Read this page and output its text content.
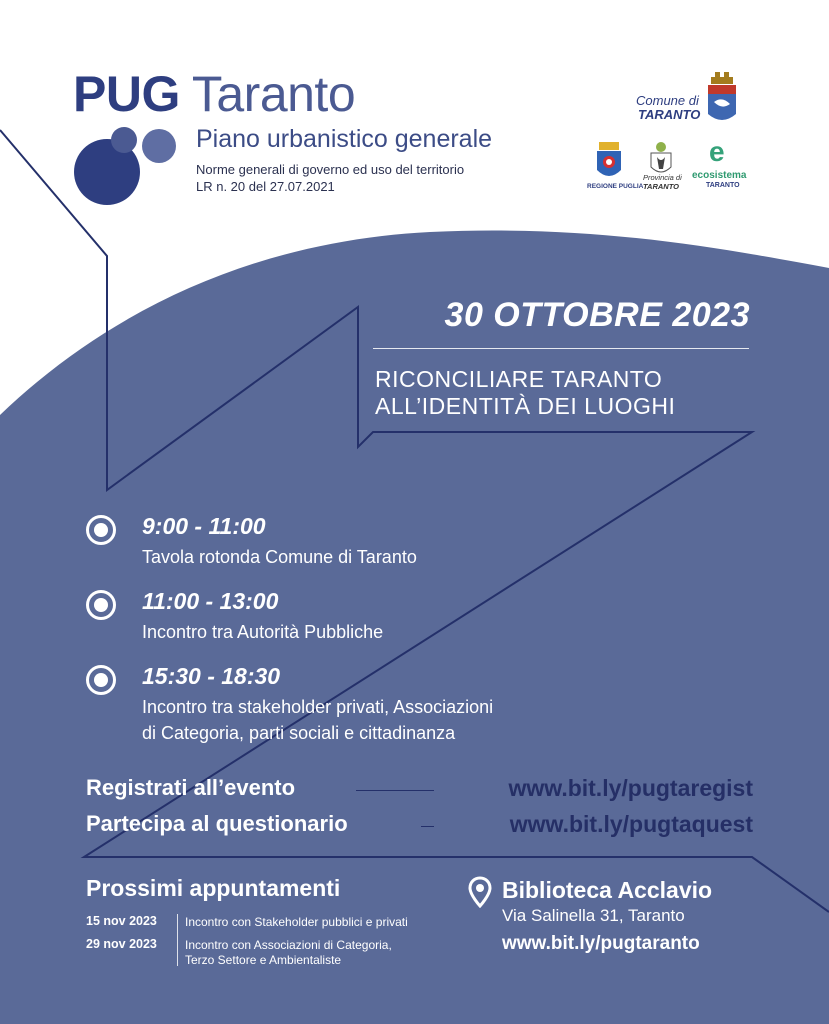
PUG Taranto
Piano urbanistico generale
Norme generali di governo ed uso del territorio
LR n. 20 del 27.07.2021
Comune di
TARANTO
REGIONE PUGLIA
Provincia di
TARANTO
e
ecosistema
TARANTO
30 OTTOBRE 2023
RICONCILIARE TARANTO
ALL’IDENTITÀ DEI LUOGHI
9:00 - 11:00
Tavola rotonda Comune di Taranto
11:00 - 13:00
Incontro tra Autorità Pubbliche
15:30 - 18:30
Incontro tra stakeholder privati, Associazioni
di Categoria, parti sociali e cittadinanza
Registrati all’evento	www.bit.ly/pugtaregist
Partecipa al questionario	www.bit.ly/pugtaquest
Prossimi appuntamenti
15 nov 2023 Incontro con Stakeholder pubblici e privati
29 nov 2023 Incontro con Associazioni di Categoria,
Terzo Settore e Ambientaliste
Biblioteca Acclavio
Via Salinella 31, Taranto
www.bit.ly/pugtaranto
